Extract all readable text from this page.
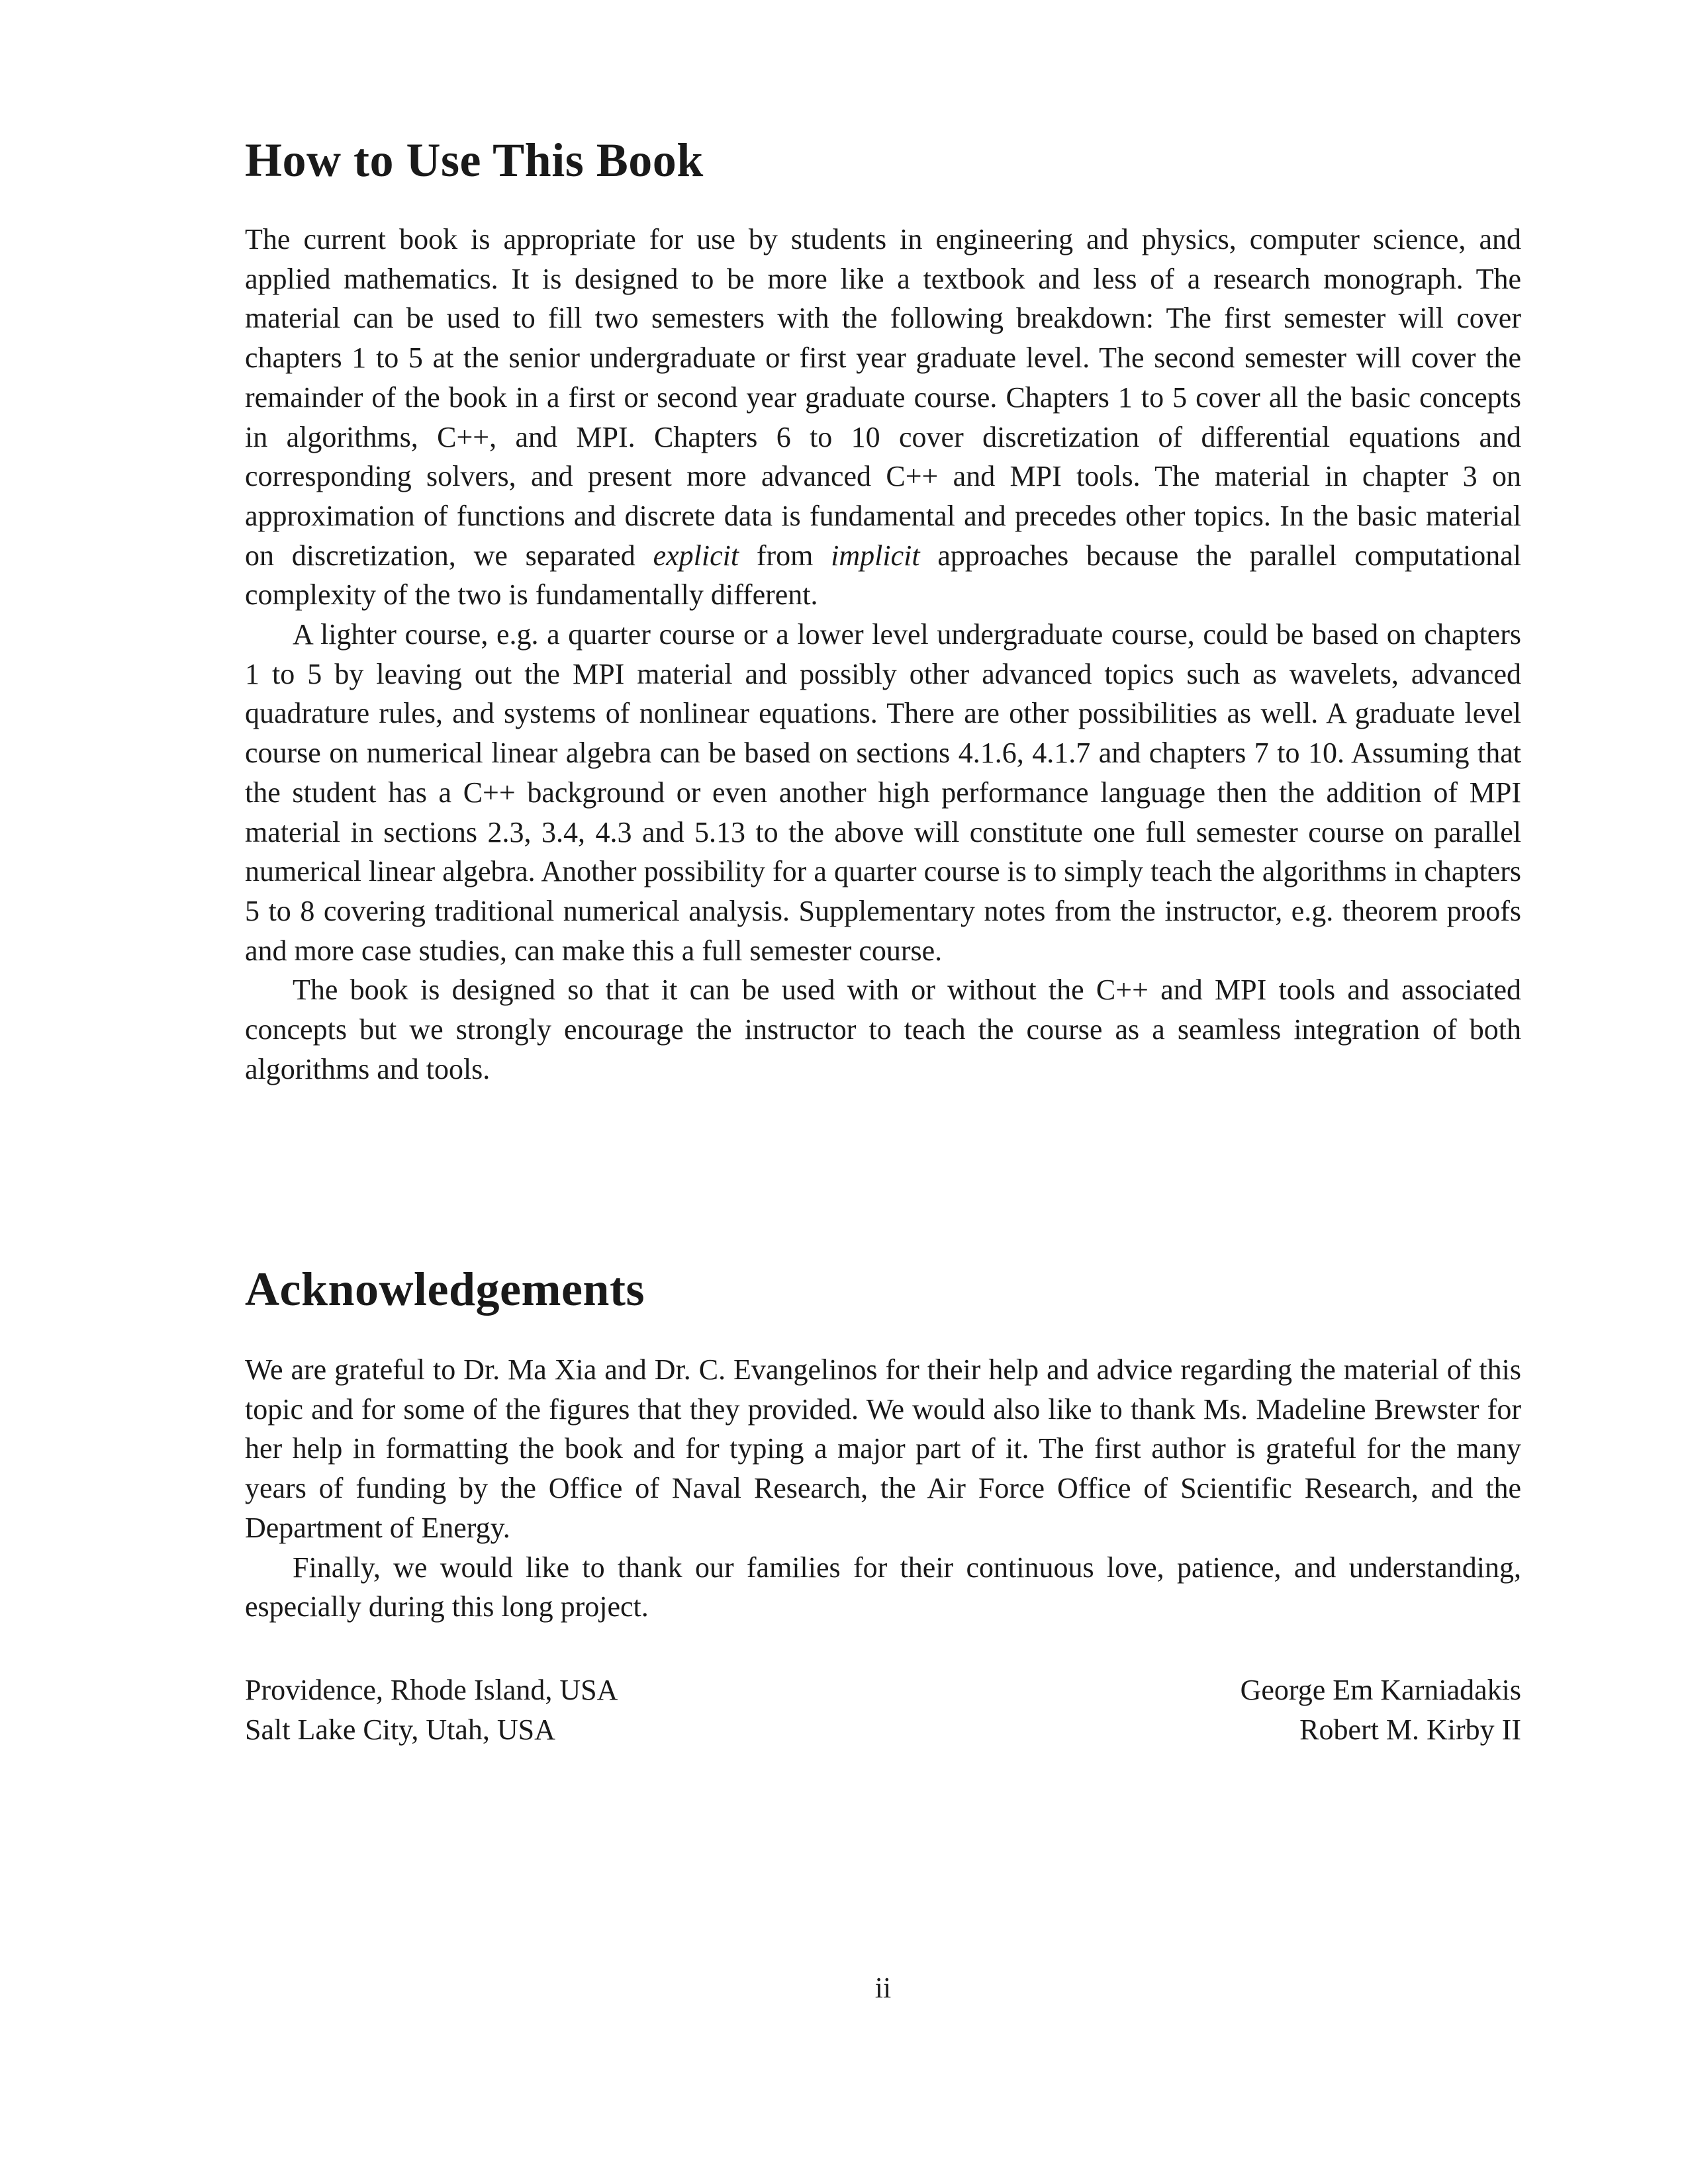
How to Use This Book

The current book is appropriate for use by students in engineering and physics, computer science, and applied mathematics. It is designed to be more like a textbook and less of a research monograph. The material can be used to fill two semesters with the following breakdown: The first semester will cover chapters 1 to 5 at the senior undergraduate or first year graduate level. The second semester will cover the remainder of the book in a first or second year graduate course. Chapters 1 to 5 cover all the basic concepts in algorithms, C++, and MPI. Chapters 6 to 10 cover discretization of differential equations and corresponding solvers, and present more advanced C++ and MPI tools. The material in chapter 3 on approximation of functions and discrete data is fundamental and precedes other topics. In the basic material on discretization, we separated explicit from implicit approaches because the parallel computational complexity of the two is fundamentally different.

A lighter course, e.g. a quarter course or a lower level undergraduate course, could be based on chapters 1 to 5 by leaving out the MPI material and possibly other advanced topics such as wavelets, advanced quadrature rules, and systems of nonlinear equations. There are other possibilities as well. A graduate level course on numerical linear algebra can be based on sections 4.1.6, 4.1.7 and chapters 7 to 10. Assuming that the student has a C++ background or even another high performance language then the addition of MPI material in sections 2.3, 3.4, 4.3 and 5.13 to the above will constitute one full semester course on parallel numerical linear algebra. Another possibility for a quarter course is to simply teach the algorithms in chapters 5 to 8 covering traditional numerical analysis. Supplementary notes from the instructor, e.g. theorem proofs and more case studies, can make this a full semester course.

The book is designed so that it can be used with or without the C++ and MPI tools and associated concepts but we strongly encourage the instructor to teach the course as a seamless integration of both algorithms and tools.

Acknowledgements

We are grateful to Dr. Ma Xia and Dr. C. Evangelinos for their help and advice regarding the material of this topic and for some of the figures that they provided. We would also like to thank Ms. Madeline Brewster for her help in formatting the book and for typing a major part of it. The first author is grateful for the many years of funding by the Office of Naval Research, the Air Force Office of Scientific Research, and the Department of Energy.

Finally, we would like to thank our families for their continuous love, patience, and understanding, especially during this long project.

Providence, Rhode Island, USA	George Em Karniadakis
Salt Lake City, Utah, USA	Robert M. Kirby II
ii
